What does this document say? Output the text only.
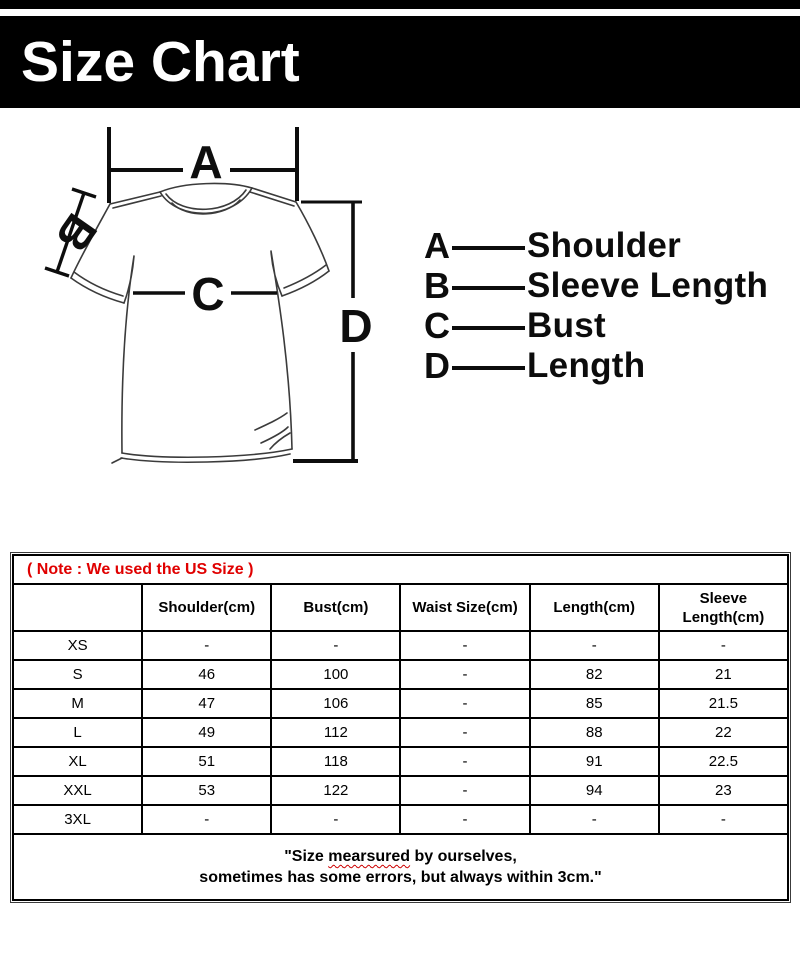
Size Chart
A
B
C
D
A Shoulder
B Sleeve Length
C Bust
D Length
( Note : We used the US Size )					
	Shoulder(cm)	Bust(cm)	Waist Size(cm)	Length(cm)	Sleeve Length(cm)
XS	-	-	-	-	-
S	46	100	-	82	21
M	47	106	-	85	21.5
L	49	112	-	88	22
XL	51	118	-	91	22.5
XXL	53	122	-	94	23
3XL	-	-	-	-	-
"Size mearsured by ourselves,
sometimes has some errors, but always within 3cm."					
